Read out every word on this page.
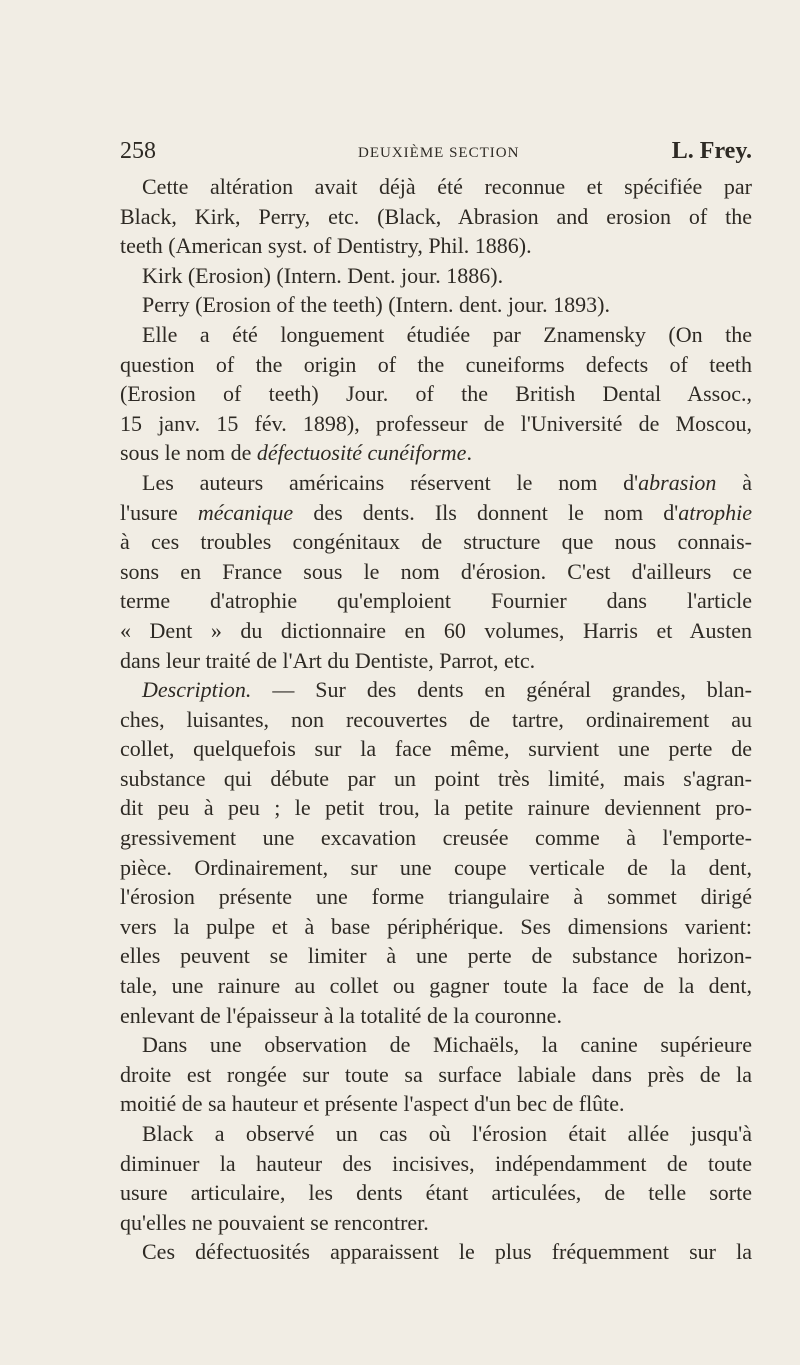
258	DEUXIÈME SECTION	L. Frey.
Cette altération avait déjà été reconnue et spécifiée par
Black, Kirk, Perry, etc. (Black, Abrasion and erosion of the
teeth (American syst. of Dentistry, Phil. 1886).
Kirk (Erosion) (Intern. Dent. jour. 1886).
Perry (Erosion of the teeth) (Intern. dent. jour. 1893).
Elle a été longuement étudiée par Znamensky (On the
question of the origin of the cuneiforms defects of teeth
(Erosion of teeth) Jour. of the British Dental Assoc.,
15 janv. 15 fév. 1898), professeur de l'Université de Moscou,
sous le nom de défectuosité cunéiforme.
Les auteurs américains réservent le nom d'abrasion à
l'usure mécanique des dents. Ils donnent le nom d'atrophie
à ces troubles congénitaux de structure que nous connais-
sons en France sous le nom d'érosion. C'est d'ailleurs ce
terme d'atrophie qu'emploient Fournier dans l'article
« Dent » du dictionnaire en 60 volumes, Harris et Austen
dans leur traité de l'Art du Dentiste, Parrot, etc.
Description. — Sur des dents en général grandes, blan-
ches, luisantes, non recouvertes de tartre, ordinairement au
collet, quelquefois sur la face même, survient une perte de
substance qui débute par un point très limité, mais s'agran-
dit peu à peu ; le petit trou, la petite rainure deviennent pro-
gressivement une excavation creusée comme à l'emporte-
pièce. Ordinairement, sur une coupe verticale de la dent,
l'érosion présente une forme triangulaire à sommet dirigé
vers la pulpe et à base périphérique. Ses dimensions varient:
elles peuvent se limiter à une perte de substance horizon-
tale, une rainure au collet ou gagner toute la face de la dent,
enlevant de l'épaisseur à la totalité de la couronne.
Dans une observation de Michaëls, la canine supérieure
droite est rongée sur toute sa surface labiale dans près de la
moitié de sa hauteur et présente l'aspect d'un bec de flûte.
Black a observé un cas où l'érosion était allée jusqu'à
diminuer la hauteur des incisives, indépendamment de toute
usure articulaire, les dents étant articulées, de telle sorte
qu'elles ne pouvaient se rencontrer.
Ces défectuosités apparaissent le plus fréquemment sur la
